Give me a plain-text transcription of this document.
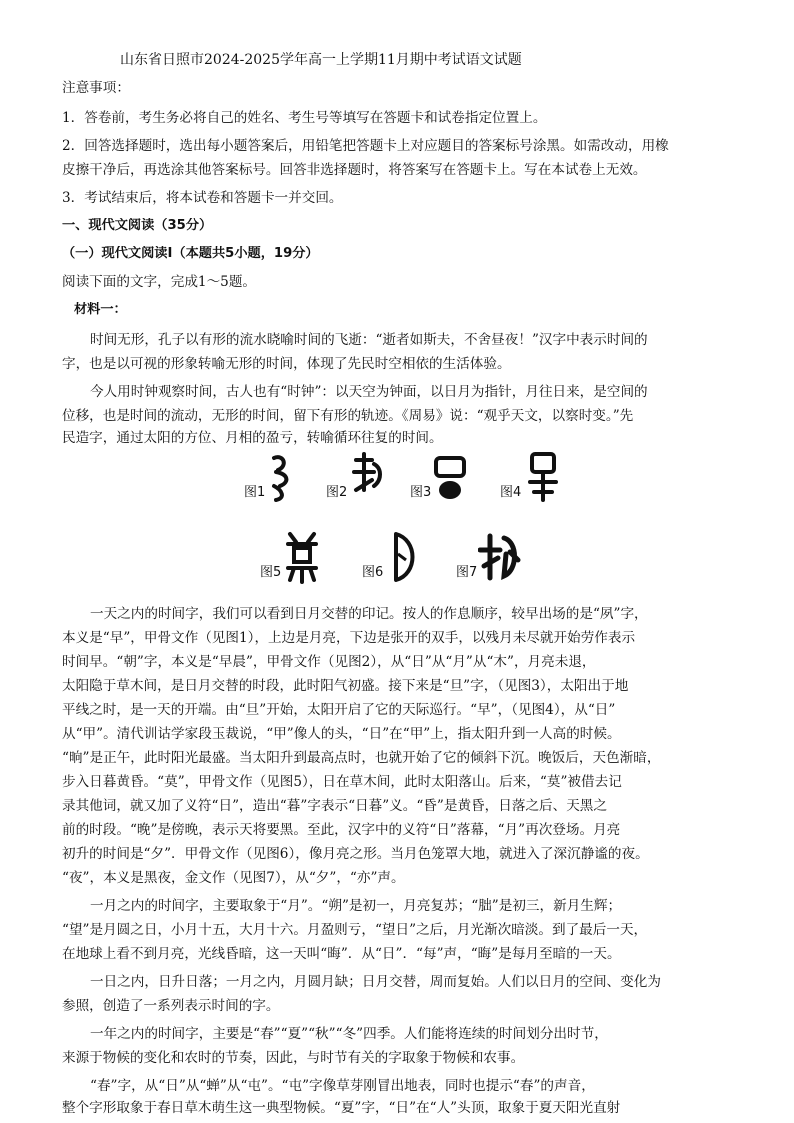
山东省日照市2024-2025学年高一上学期11月期中考试语文试题
注意事项：
1．答卷前，考生务必将自己的姓名、考生号等填写在答题卡和试卷指定位置上。
2．回答选择题时，选出每小题答案后，用铅笔把答题卡上对应题目的答案标号涂黑。如需改动，用橡
皮擦干净后，再选涂其他答案标号。回答非选择题时，将答案写在答题卡上。写在本试卷上无效。
3．考试结束后，将本试卷和答题卡一并交回。
一、现代文阅读（35分）
（一）现代文阅读Ⅰ（本题共5小题，19分）
阅读下面的文字，完成1～5题。
材料一：
时间无形，孔子以有形的流水晓喻时间的飞逝：“逝者如斯夫，不舍昼夜！”汉字中表示时间的
字，也是以可视的形象转喻无形的时间，体现了先民时空相依的生活体验。
今人用时钟观察时间，古人也有“时钟”：以天空为钟面，以日月为指针，月往日来，是空间的
位移，也是时间的流动，无形的时间，留下有形的轨迹。《周易》说：“观乎天文，以察时变。”先
民造字，通过太阳的方位、月相的盈亏，转喻循环往复的时间。
图1	图2	图3	图4
图5	图6	图7
一天之内的时间字，我们可以看到日月交替的印记。按人的作息顺序，较早出场的是“夙”字，
本义是“早”，甲骨文作（见图1），上边是月亮，下边是张开的双手，以残月未尽就开始劳作表示
时间早。“朝”字，本义是“早晨”，甲骨文作（见图2），从“日”从“月”从“木”，月亮未退，
太阳隐于草木间，是日月交替的时段，此时阳气初盛。接下来是“旦”字，（见图3），太阳出于地
平线之时，是一天的开端。由“旦”开始，太阳开启了它的天际巡行。“早”，（见图4），从“日”
从“甲”。清代训诂学家段玉裁说，“甲”像人的头，“日”在“甲”上，指太阳升到一人高的时候。
“晌”是正午，此时阳光最盛。当太阳升到最高点时，也就开始了它的倾斜下沉。晚饭后，天色渐暗，
步入日暮黄昏。“莫”，甲骨文作（见图5），日在草木间，此时太阳落山。后来，“莫”被借去记
录其他词，就又加了义符“日”，造出“暮”字表示“日暮”义。“昏”是黄昏，日落之后、天黑之
前的时段。“晚”是傍晚，表示天将要黑。至此，汉字中的义符“日”落幕，“月”再次登场。月亮
初升的时间是“夕”．甲骨文作（见图6），像月亮之形。当月色笼罩大地，就进入了深沉静谧的夜。
“夜”，本义是黑夜，金文作（见图7），从“夕”，“亦”声。
一月之内的时间字，主要取象于“月”。“朔”是初一，月亮复苏；“朏”是初三，新月生辉；
“望”是月圆之日，小月十五，大月十六。月盈则亏，“望日”之后，月光渐次暗淡。到了最后一天，
在地球上看不到月亮，光线昏暗，这一天叫“晦”．从“日”．“每”声，“晦”是每月至暗的一天。
一日之内，日升日落；一月之内，月圆月缺；日月交替，周而复始。人们以日月的空间、变化为
参照，创造了一系列表示时间的字。
一年之内的时间字，主要是“春”“夏”“秋”“冬”四季。人们能将连续的时间划分出时节，
来源于物候的变化和农时的节奏，因此，与时节有关的字取象于物候和农事。
“春”字，从“日”从“蝉”从“屯”。“屯”字像草芽刚冒出地表，同时也提示“春”的声音，
整个字形取象于春日草木萌生这一典型物候。“夏”字，“日”在“人”头顶，取象于夏天阳光直射
